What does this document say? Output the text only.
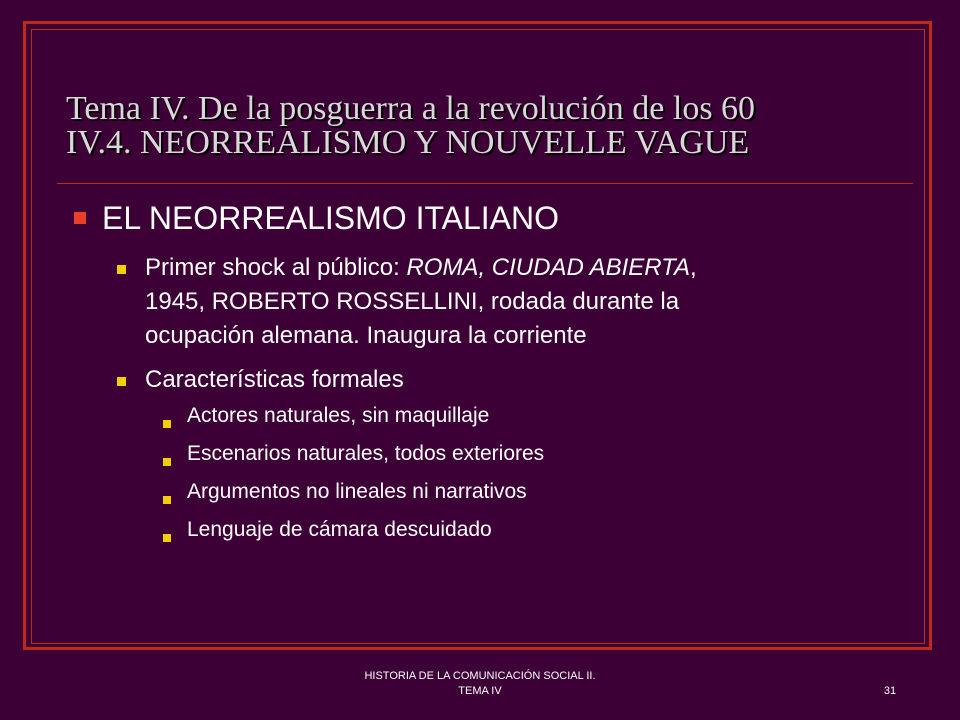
Tema IV. De la posguerra a la revolución de los 60
IV.4. NEORREALISMO Y NOUVELLE VAGUE
EL NEORREALISMO ITALIANO
Primer shock al público: ROMA, CIUDAD ABIERTA,
1945, ROBERTO ROSSELLINI, rodada durante la
ocupación alemana. Inaugura la corriente
Características formales
Actores naturales, sin maquillaje
Escenarios naturales, todos exteriores
Argumentos no lineales ni narrativos
Lenguaje de cámara descuidado
HISTORIA DE LA COMUNICACIÓN SOCIAL II.
TEMA IV	31
